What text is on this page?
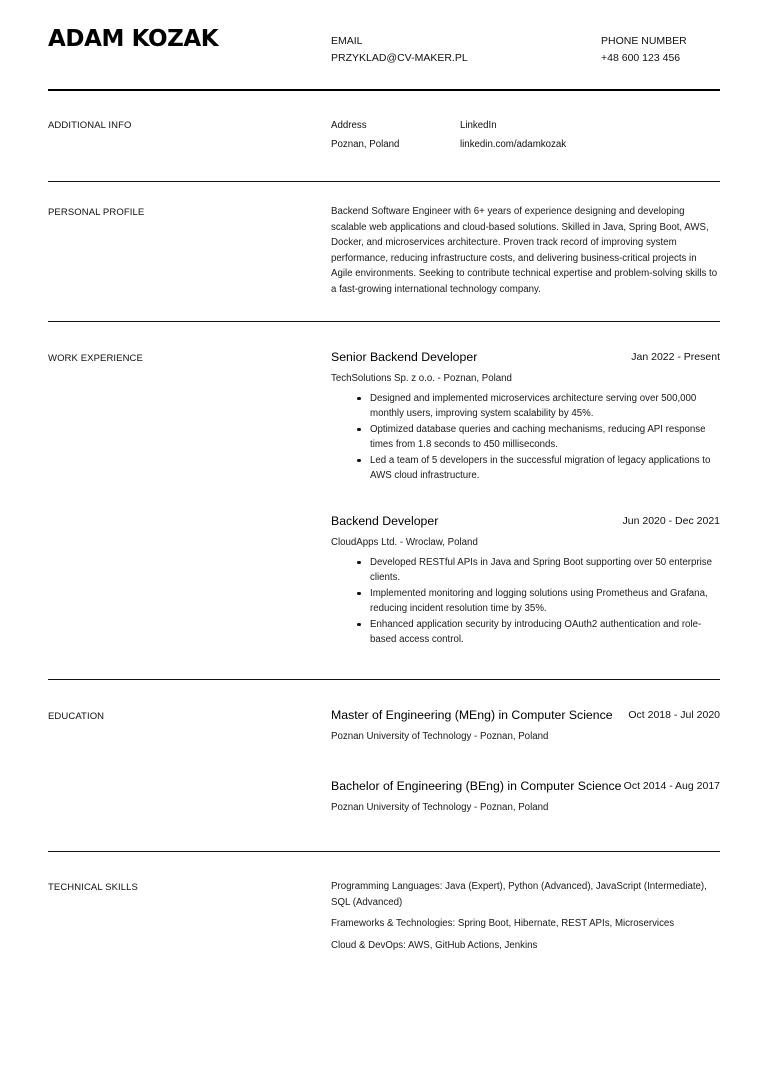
ADAM KOZAK	EMAIL
PRZYKLAD@CV-MAKER.PL
PHONE NUMBER
+48 600 123 456
ADDITIONAL INFO	Address
Poznan, Poland
LinkedIn
linkedin.com/adamkozak
PERSONAL PROFILE	Backend Software Engineer with 6+ years of experience designing and developing scalable web applications and cloud-based solutions. Skilled in Java, Spring Boot, AWS, Docker, and microservices architecture. Proven track record of improving system performance, reducing infrastructure costs, and delivering business-critical projects in Agile environments. Seeking to contribute technical expertise and problem-solving skills to a fast-growing international technology company.
WORK EXPERIENCE	Senior Backend Developer	Jan 2022 - Present
TechSolutions Sp. z o.o. - Poznan, Poland
Designed and implemented microservices architecture serving over 500,000 monthly users, improving system scalability by 45%.
Optimized database queries and caching mechanisms, reducing API response times from 1.8 seconds to 450 milliseconds.
Led a team of 5 developers in the successful migration of legacy applications to AWS cloud infrastructure.
Backend Developer	Jun 2020 - Dec 2021
CloudApps Ltd. - Wroclaw, Poland
Developed RESTful APIs in Java and Spring Boot supporting over 50 enterprise clients.
Implemented monitoring and logging solutions using Prometheus and Grafana, reducing incident resolution time by 35%.
Enhanced application security by introducing OAuth2 authentication and role-based access control.
EDUCATION	Master of Engineering (MEng) in Computer Science Oct 2018 - Jul 2020
Poznan University of Technology - Poznan, Poland
Bachelor of Engineering (BEng) in Computer Science Oct 2014 - Aug 2017
Poznan University of Technology - Poznan, Poland
TECHNICAL SKILLS	Programming Languages: Java (Expert), Python (Advanced), JavaScript (Intermediate), SQL (Advanced)
Frameworks & Technologies: Spring Boot, Hibernate, REST APIs, Microservices
Cloud & DevOps: AWS, GitHub Actions, Jenkins
